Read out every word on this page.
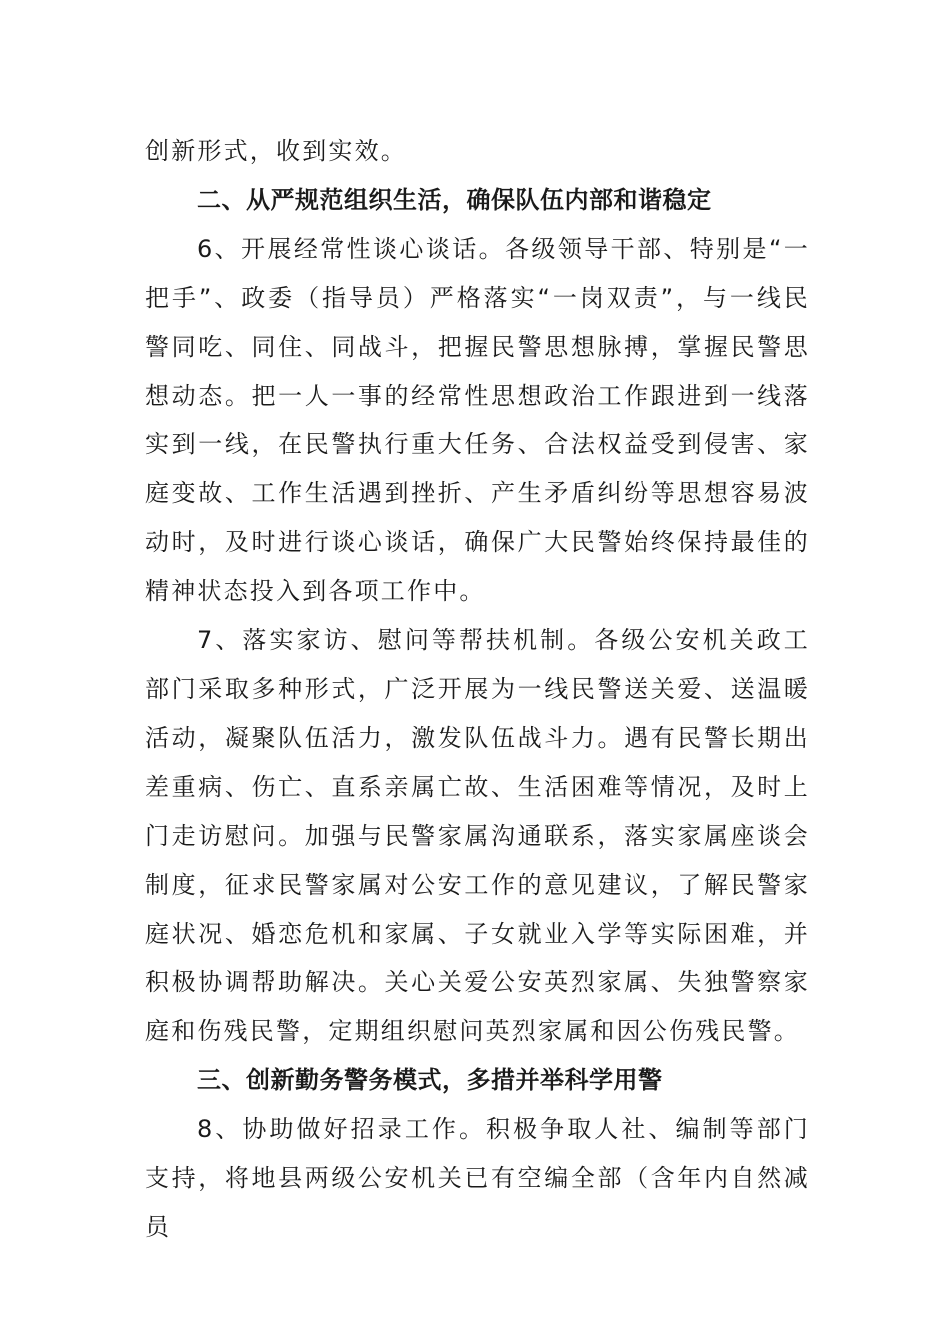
创新形式，收到实效。

二、从严规范组织生活，确保队伍内部和谐稳定

6、开展经常性谈心谈话。各级领导干部、特别是“一把手”、政委（指导员）严格落实“一岗双责”，与一线民警同吃、同住、同战斗，把握民警思想脉搏，掌握民警思想动态。把一人一事的经常性思想政治工作跟进到一线落实到一线，在民警执行重大任务、合法权益受到侵害、家庭变故、工作生活遇到挫折、产生矛盾纠纷等思想容易波动时，及时进行谈心谈话，确保广大民警始终保持最佳的精神状态投入到各项工作中。

7、落实家访、慰问等帮扶机制。各级公安机关政工部门采取多种形式，广泛开展为一线民警送关爱、送温暖活动，凝聚队伍活力，激发队伍战斗力。遇有民警长期出差重病、伤亡、直系亲属亡故、生活困难等情况，及时上门走访慰问。加强与民警家属沟通联系，落实家属座谈会制度，征求民警家属对公安工作的意见建议，了解民警家庭状况、婚恋危机和家属、子女就业入学等实际困难，并积极协调帮助解决。关心关爱公安英烈家属、失独警察家庭和伤残民警，定期组织慰问英烈家属和因公伤残民警。

三、创新勤务警务模式，多措并举科学用警

8、协助做好招录工作。积极争取人社、编制等部门支持，将地县两级公安机关已有空编全部（含年内自然减员
